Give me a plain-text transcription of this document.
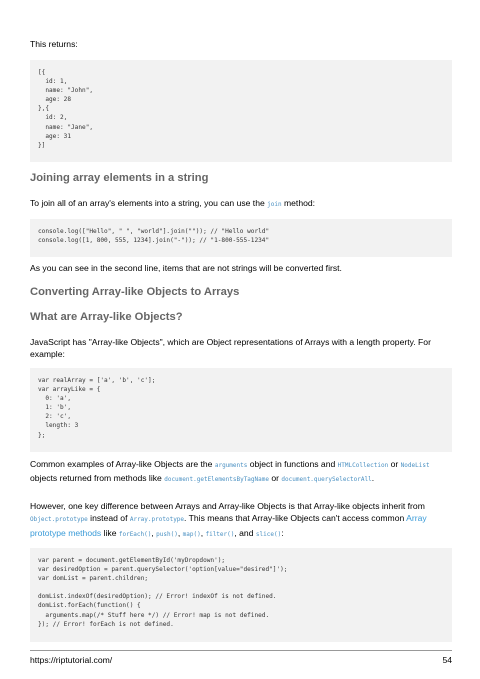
This returns:

[{
id: 1,
name: "John",
age: 28
},{
id: 2,
name: "Jane",
age: 31
}]
Joining array elements in a string

To join all of an array's elements into a string, you can use the join method:

console.log(["Hello", " ", "world"].join("")); // "Hello world"
console.log([1, 800, 555, 1234].join("-")); // "1-800-555-1234"

As you can see in the second line, items that are not strings will be converted first.

Converting Array-like Objects to Arrays
What are Array-like Objects?

JavaScript has "Array-like Objects", which are Object representations of Arrays with a length property. For example:

var realArray = ['a', 'b', 'c'];
var arrayLike = {
0: 'a',
1: 'b',
2: 'c',
length: 3
};

Common examples of Array-like Objects are the arguments object in functions and HTMLCollection or NodeList objects returned from methods like document.getElementsByTagName or document.querySelectorAll.

However, one key difference between Arrays and Array-like Objects is that Array-like objects inherit from Object.prototype instead of Array.prototype. This means that Array-like Objects can't access common Array prototype methods like forEach(), push(), map(), filter(), and slice():

var parent = document.getElementById('myDropdown');
var desiredOption = parent.querySelector('option[value="desired"]');
var domList = parent.children;

domList.indexOf(desiredOption); // Error! indexOf is not defined.
domList.forEach(function() {
arguments.map(/* Stuff here */) // Error! map is not defined.
}); // Error! forEach is not defined.
https://riptutorial.com/	54
